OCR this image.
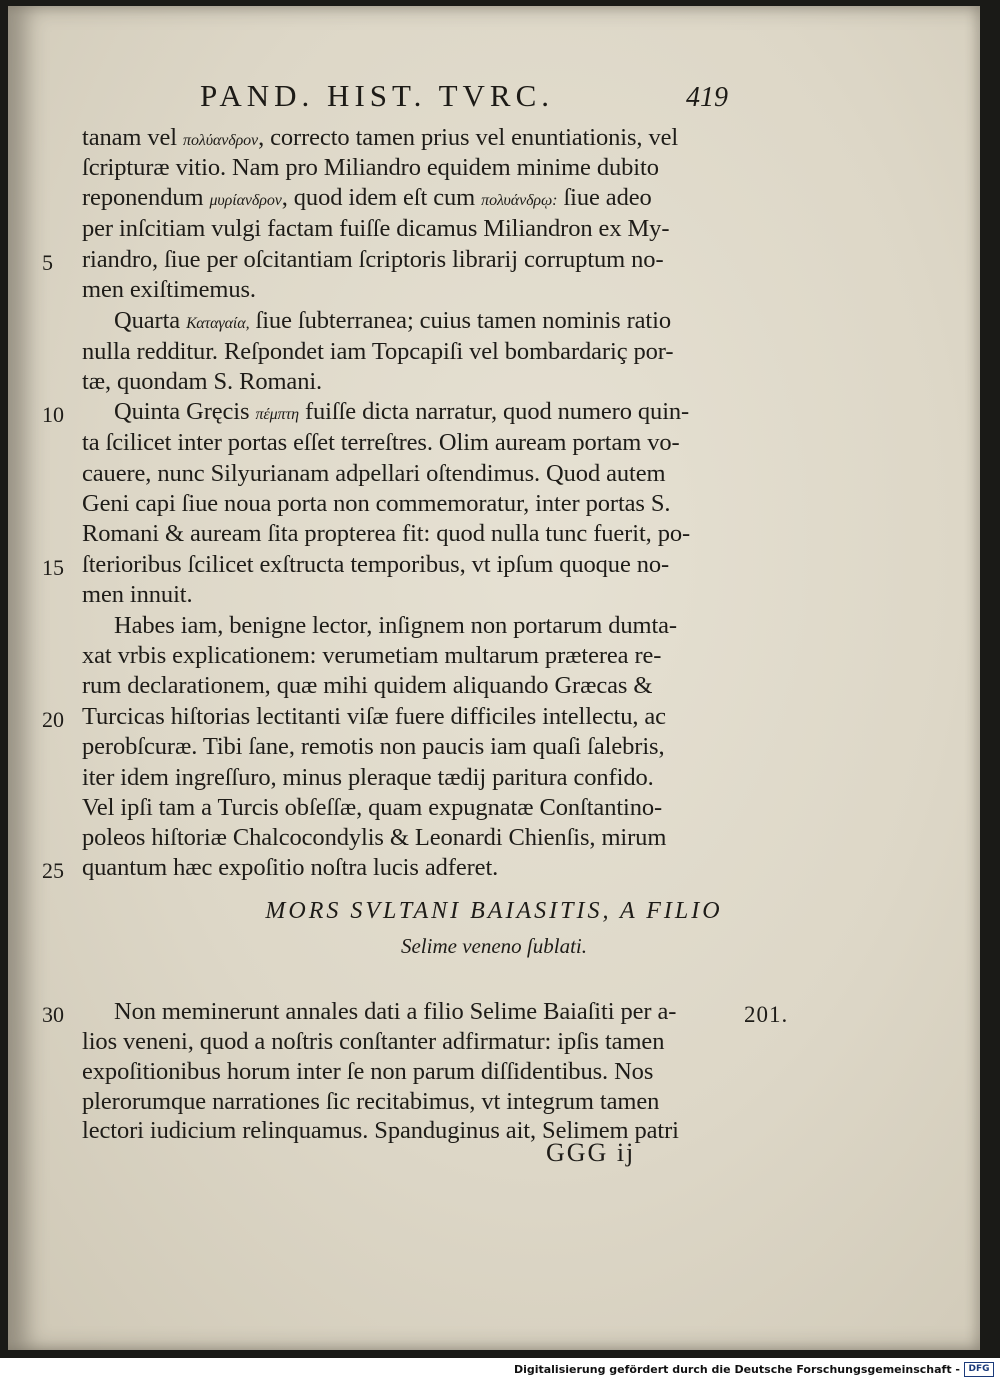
PAND. HIST. TVRC.	419
tanam vel πολύανδρον, correcto tamen prius vel enuntiationis, vel
ſcripturæ vitio. Nam pro Miliandro equidem minime dubito
reponendum μυρίανδρον, quod idem eſt cum πολυάνδρῳ: ſiue adeo
per inſcitiam vulgi factam fuiſſe dicamus Miliandron ex My-
riandro, ſiue per oſcitantiam ſcriptoris librarij corruptum no-
men exiſtimemus.
Quarta Καταγαία, ſiue ſubterranea; cuius tamen nominis ratio
nulla redditur. Reſpondet iam Topcapiſi vel bombardariç por-
tæ, quondam S. Romani.
Quinta Gręcis πέμπτη fuiſſe dicta narratur, quod numero quin-
ta ſcilicet inter portas eſſet terreſtres. Olim auream portam vo-
cauere, nunc Silyurianam adpellari oſtendimus. Quod autem
Geni capi ſiue noua porta non commemoratur, inter portas S.
Romani & auream ſita propterea fit: quod nulla tunc fuerit, po-
ſterioribus ſcilicet exſtructa temporibus, vt ipſum quoque no-
men innuit.
Habes iam, benigne lector, inſignem non portarum dumta-
xat vrbis explicationem: verumetiam multarum præterea re-
rum declarationem, quæ mihi quidem aliquando Græcas &
Turcicas hiſtorias lectitanti viſæ fuere difficiles intellectu, ac
perobſcuræ. Tibi ſane, remotis non paucis iam quaſi ſalebris,
iter idem ingreſſuro, minus pleraque tædij paritura confido.
Vel ipſi tam a Turcis obſeſſæ, quam expugnatæ Conſtantino-
poleos hiſtoriæ Chalcocondylis & Leonardi Chienſis, mirum
quantum hæc expoſitio noſtra lucis adferet.
5
10
15
20
25
MORS SVLTANI BAIASITIS, A FILIO
Selime veneno ſublati.
30 Non meminerunt annales dati a filio Selime Baiaſiti per a-
lios veneni, quod a noſtris conſtanter adfirmatur: ipſis tamen
expoſitionibus horum inter ſe non parum diſſidentibus. Nos
plerorumque narrationes ſic recitabimus, vt integrum tamen
lectori iudicium relinquamus. Spanduginus ait, Selimem patri
201.
GGG ij
Digitalisierung gefördert durch die Deutsche Forschungsgemeinschaft - DFG
